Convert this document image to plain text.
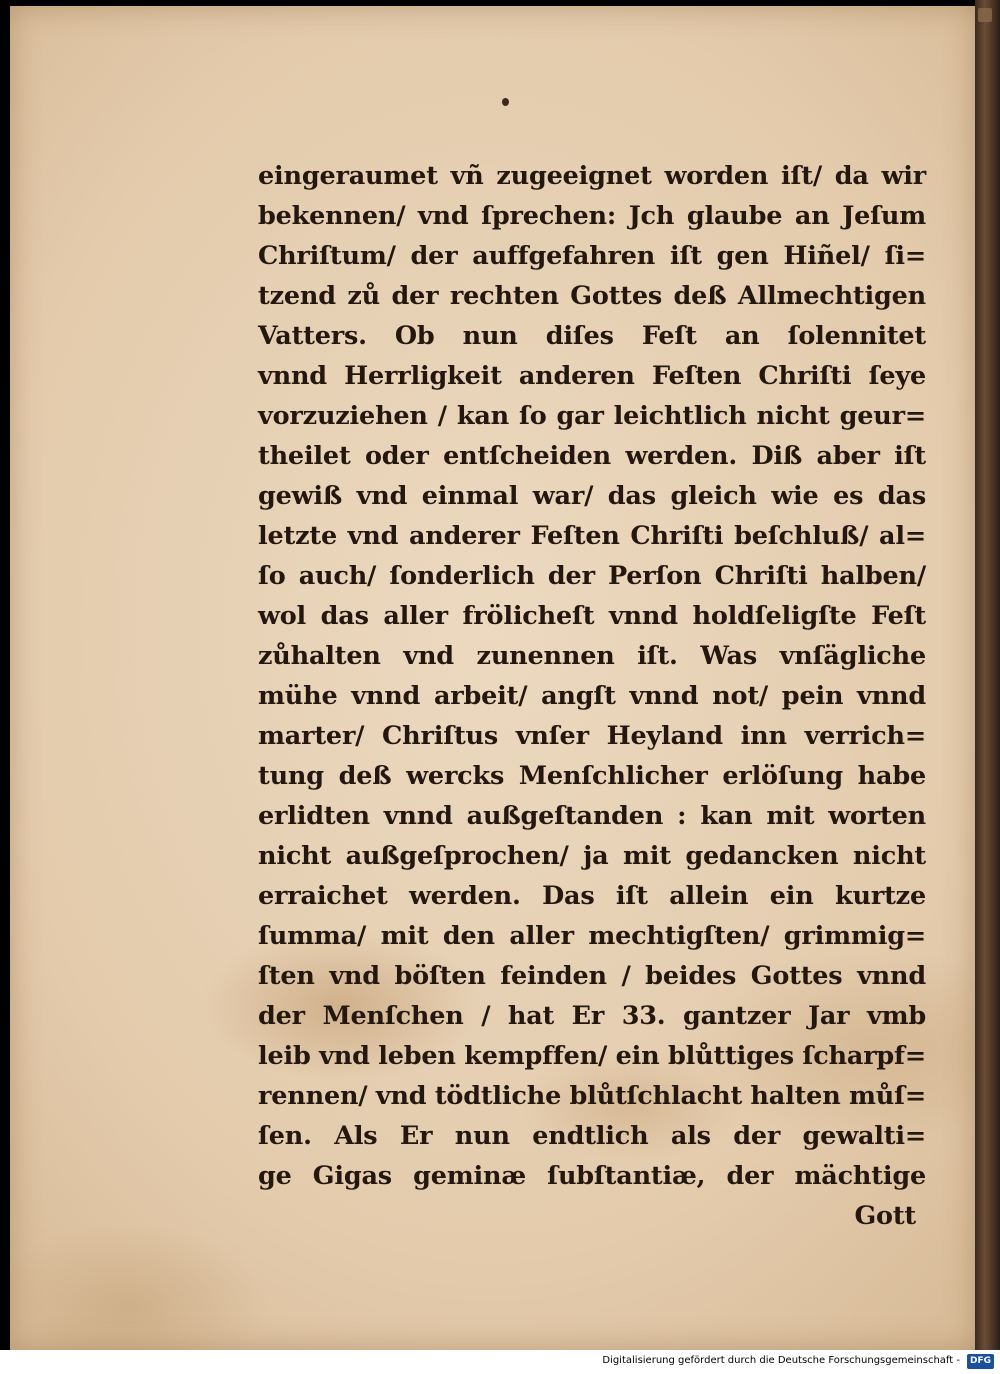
eingeraumet vñ zugeeignet worden iſt/ da wir
bekennen/ vnd ſprechen: Jch glaube an Jeſum
Chriſtum/ der auffgefahren iſt gen Hiñel/ ſi=
tzend zů der rechten Gottes deß Allmechtigen
Vatters. Ob nun diſes Feſt an ſolennitet
vnnd Herrligkeit anderen Feſten Chriſti ſeye
vorzuziehen / kan ſo gar leichtlich nicht geur=
theilet oder entſcheiden werden. Diß aber iſt
gewiß vnd einmal war/ das gleich wie es das
letzte vnd anderer Feſten Chriſti beſchluß/ al=
ſo auch/ ſonderlich der Perſon Chriſti halben/
wol das aller frölicheſt vnnd holdſeligſte Feſt
zůhalten vnd zunennen iſt. Was vnſägliche
mühe vnnd arbeit/ angſt vnnd not/ pein vnnd
marter/ Chriſtus vnſer Heyland inn verrich=
tung deß wercks Menſchlicher erlöſung habe
erlidten vnnd außgeſtanden : kan mit worten
nicht außgeſprochen/ ja mit gedancken nicht
erraichet werden. Das iſt allein ein kurtze
ſumma/ mit den aller mechtigſten/ grimmig=
ſten vnd böſten feinden / beides Gottes vnnd
der Menſchen / hat Er 33. gantzer Jar vmb
leib vnd leben kempffen/ ein blůttiges ſcharpf=
rennen/ vnd tödtliche blůtſchlacht halten můſ=
ſen. Als Er nun endtlich als der gewalti=
ge Gigas geminæ ſubſtantiæ, der mächtige
Gott
Digitalisierung gefördert durch die Deutsche Forschungsgemeinschaft -	DFG
